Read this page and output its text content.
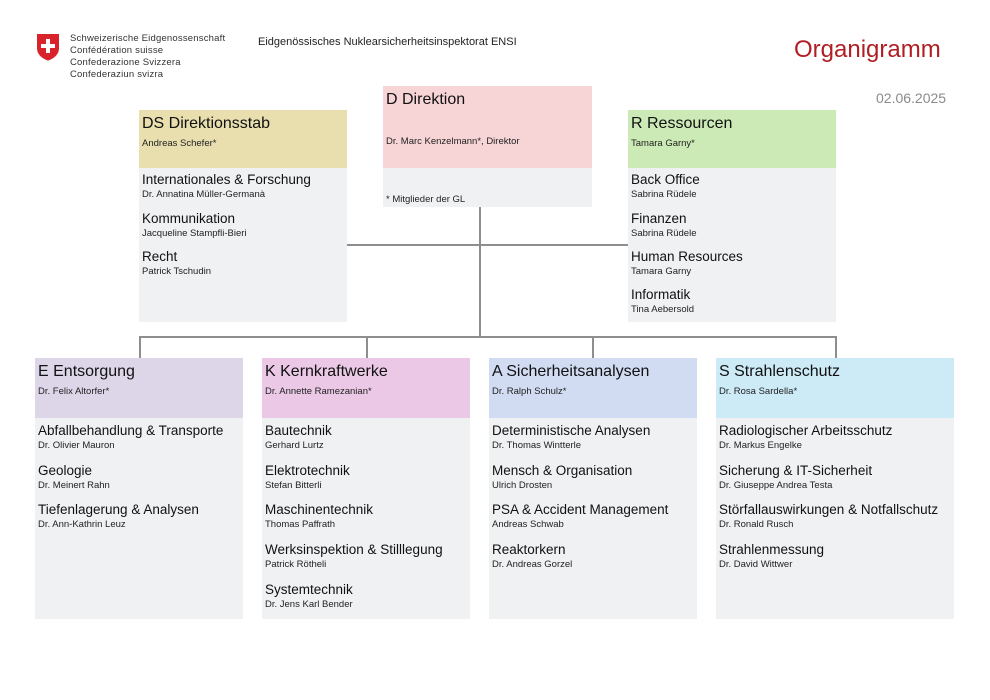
Schweizerische Eidgenossenschaft
Confédération suisse
Confederazione Svizzera
Confederaziun svizra
Eidgenössisches Nuklearsicherheitsinspektorat ENSI	Organigramm
02.06.2025
D Direktion
Dr. Marc Kenzelmann*, Direktor
* Mitglieder der GL
DS Direktionsstab
Andreas Schefer*
Internationales & Forschung
Dr. Annatina Müller-Germanà
Kommunikation
Jacqueline Stampfli-Bieri
Recht
Patrick Tschudin
R Ressourcen
Tamara Garny*
Back Office
Sabrina Rüdele
Finanzen
Sabrina Rüdele
Human Resources
Tamara Garny
Informatik
Tina Aebersold
E Entsorgung
Dr. Felix Altorfer*
Abfallbehandlung & Transporte
Dr. Olivier Mauron
Geologie
Dr. Meinert Rahn
Tiefenlagerung & Analysen
Dr. Ann-Kathrin Leuz
K Kernkraftwerke
Dr. Annette Ramezanian*
Bautechnik
Gerhard Lurtz
Elektrotechnik
Stefan Bitterli
Maschinentechnik
Thomas Paffrath
Werksinspektion & Stilllegung
Patrick Rötheli
Systemtechnik
Dr. Jens Karl Bender
A Sicherheitsanalysen
Dr. Ralph Schulz*
Deterministische Analysen
Dr. Thomas Wintterle
Mensch & Organisation
Ulrich Drosten
PSA & Accident Management
Andreas Schwab
Reaktorkern
Dr. Andreas Gorzel
S Strahlenschutz
Dr. Rosa Sardella*
Radiologischer Arbeitsschutz
Dr. Markus Engelke
Sicherung & IT-Sicherheit
Dr. Giuseppe Andrea Testa
Störfallauswirkungen & Notfallschutz
Dr. Ronald Rusch
Strahlenmessung
Dr. David Wittwer
